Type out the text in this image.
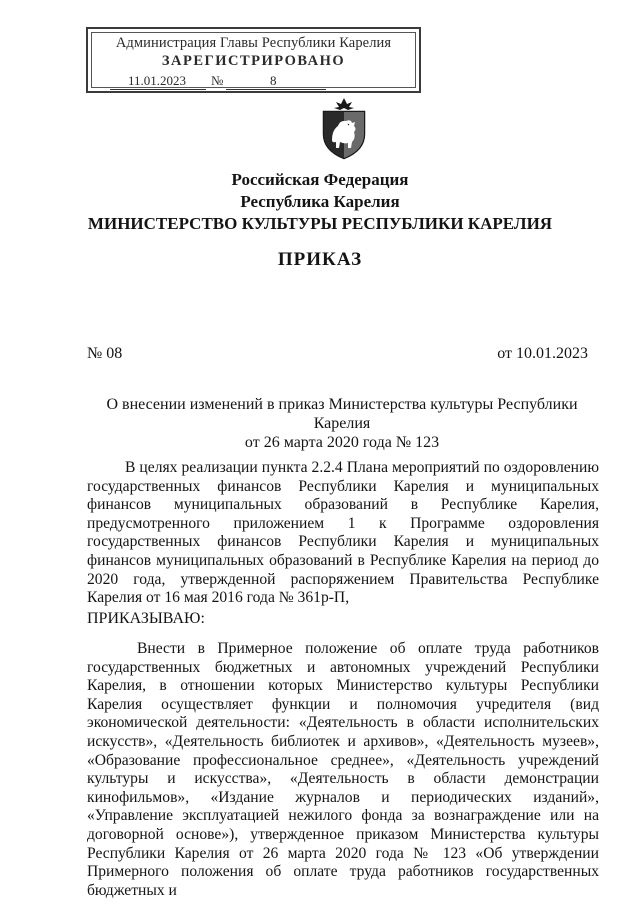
Администрация Главы Республики Карелия
ЗАРЕГИСТРИРОВАНО
11.01.2023 №	8
Российская Федерация
Республика Карелия
МИНИСТЕРСТВО КУЛЬТУРЫ РЕСПУБЛИКИ КАРЕЛИЯ
ПРИКАЗ
№ 08	от 10.01.2023
О внесении изменений в приказ Министерства культуры Республики Карелия
от 26 марта 2020 года № 123
В целях реализации пункта 2.2.4 Плана мероприятий по оздоровлению государственных финансов Республики Карелия и муниципальных финансов муниципальных образований в Республике Карелия, предусмотренного приложением 1 к Программе оздоровления государственных финансов Республики Карелия и муниципальных финансов муниципальных образований в Республике Карелия на период до 2020 года, утвержденной распоряжением Правительства Республике Карелия от 16 мая 2016 года № 361р-П,
ПРИКАЗЫВАЮ:
Внести в Примерное положение об оплате труда работников государственных бюджетных и автономных учреждений Республики Карелия, в отношении которых Министерство культуры Республики Карелия осуществляет функции и полномочия учредителя (вид экономической деятельности: «Деятельность в области исполнительских искусств», «Деятельность библиотек и архивов», «Деятельность музеев», «Образование профессиональное среднее», «Деятельность учреждений культуры и искусства», «Деятельность в области демонстрации кинофильмов», «Издание журналов и периодических изданий», «Управление эксплуатацией нежилого фонда за вознаграждение или на договорной основе»), утвержденное приказом Министерства культуры Республики Карелия от 26 марта 2020 года № 123 «Об утверждении Примерного положения об оплате труда работников государственных бюджетных и
